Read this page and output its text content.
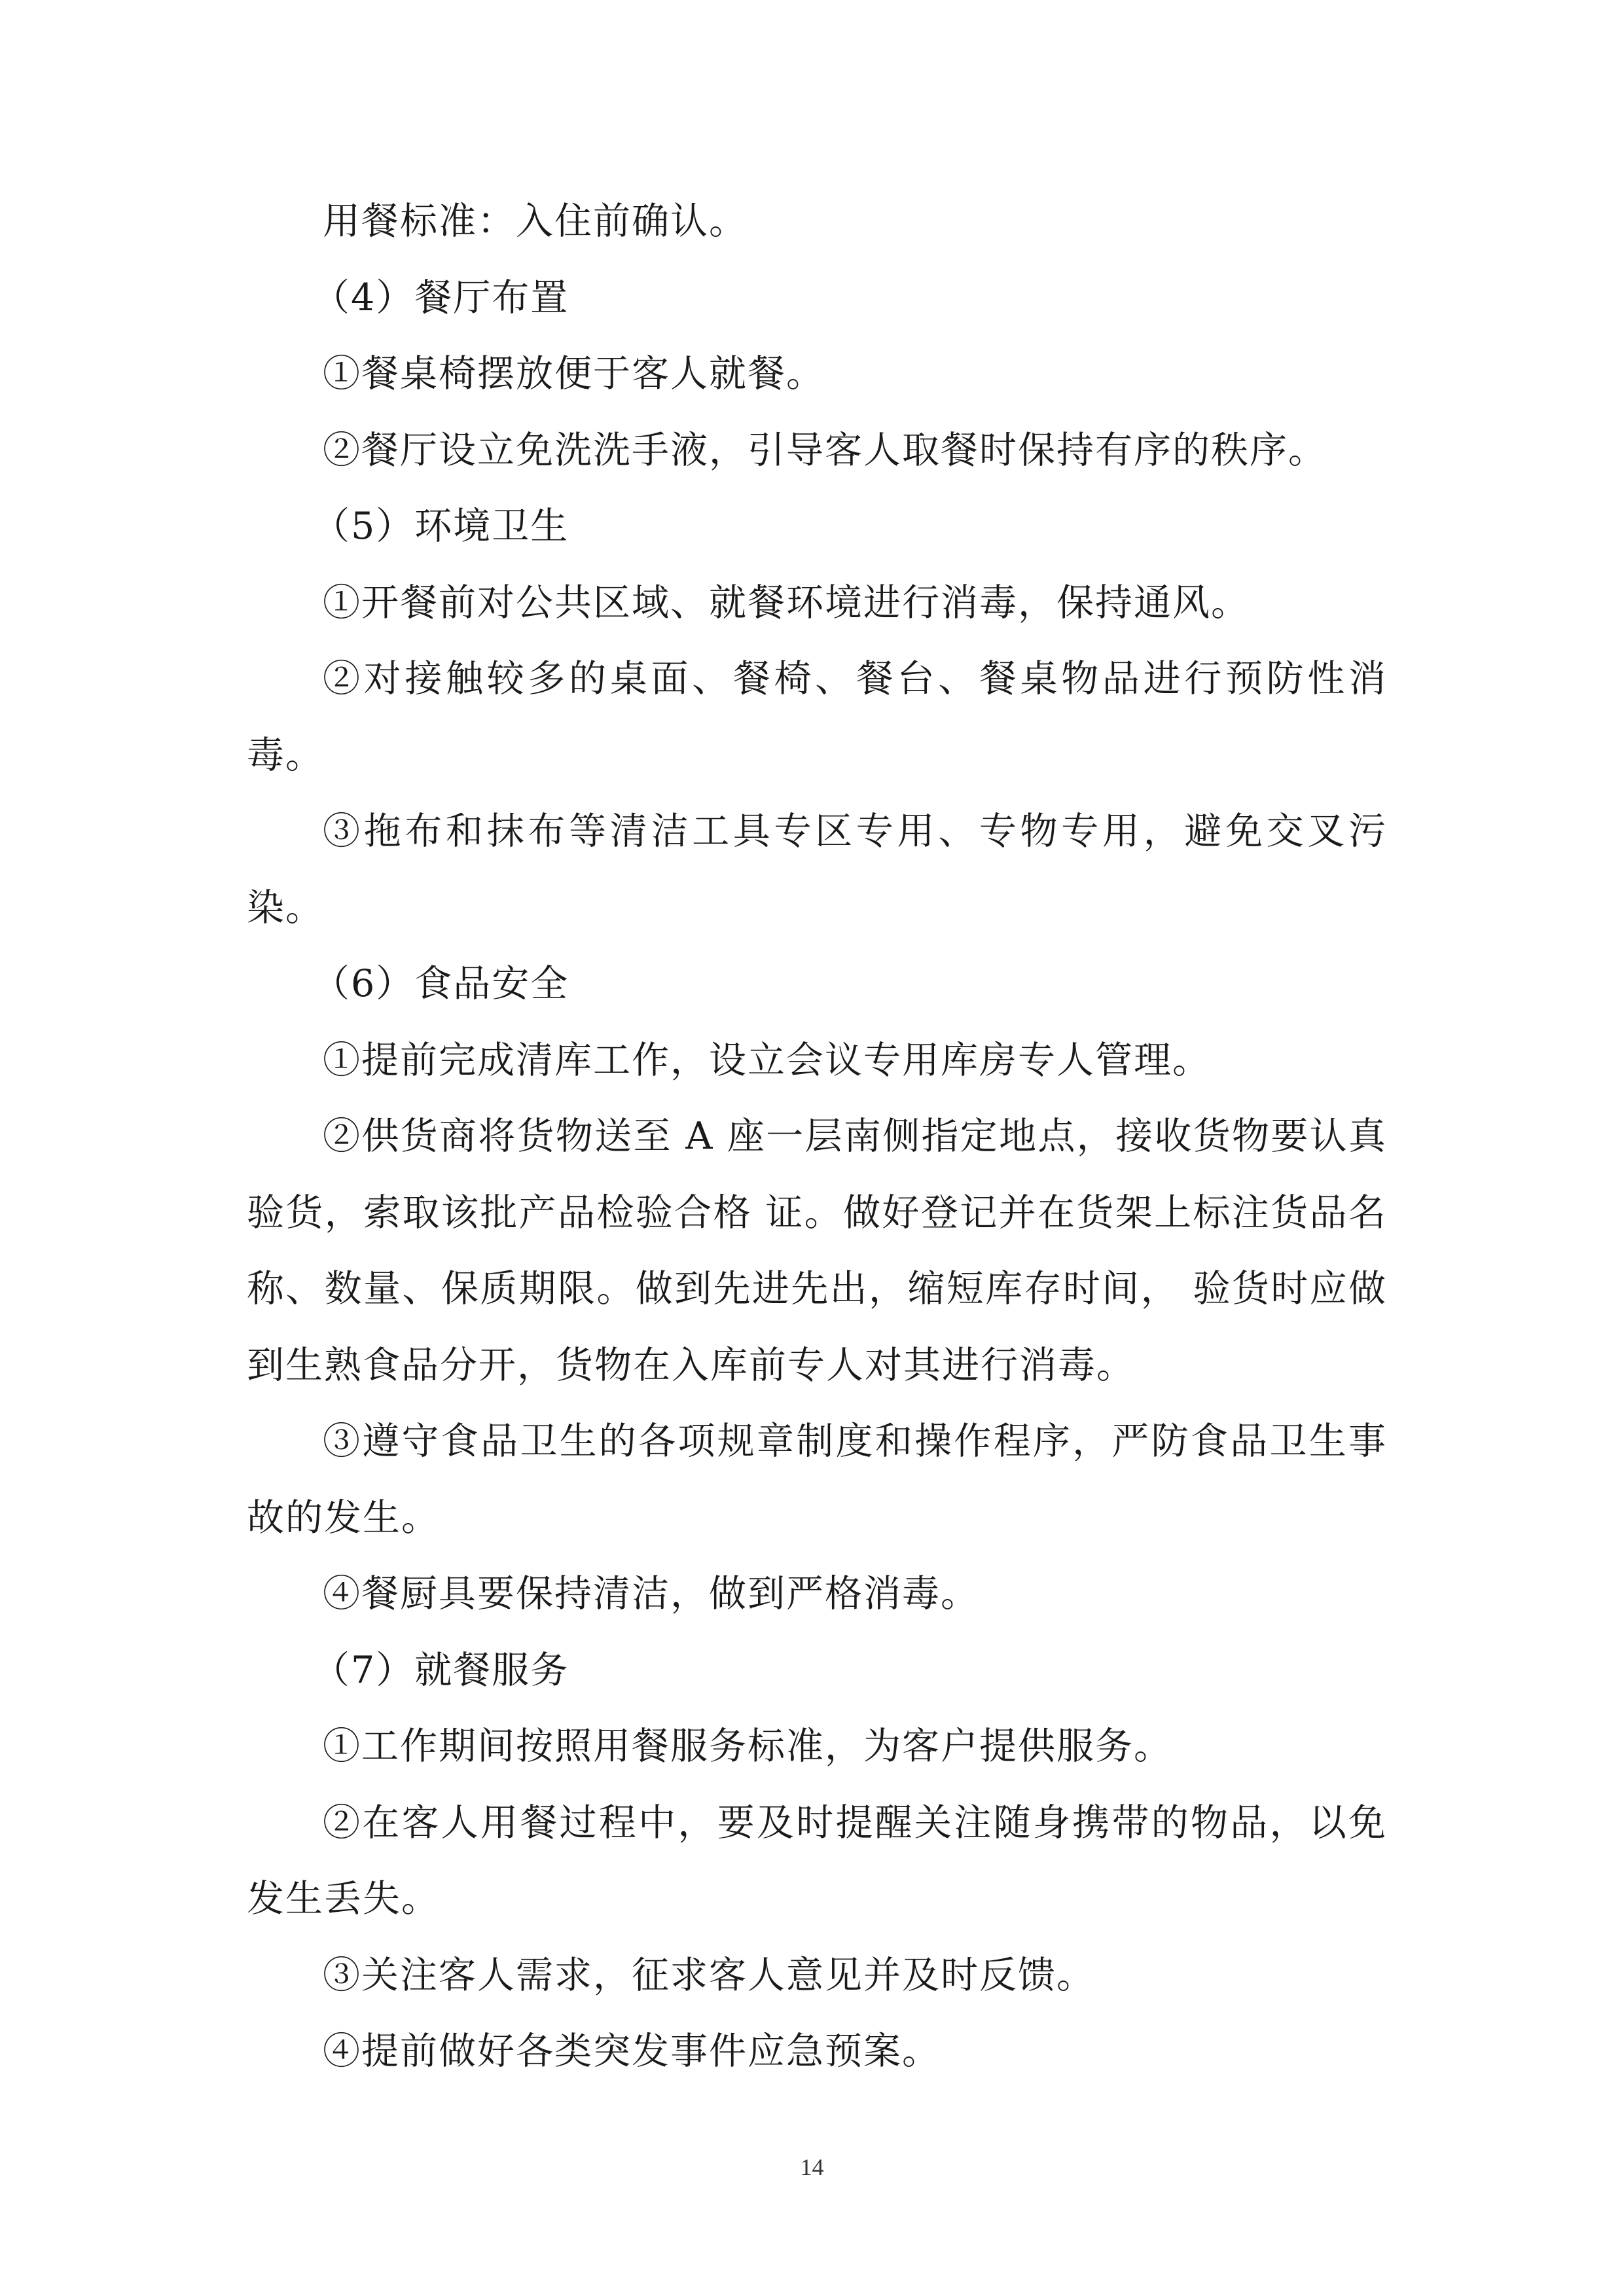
用餐标准：入住前确认。

（4）餐厅布置

①餐桌椅摆放便于客人就餐。

②餐厅设立免洗洗手液，引导客人取餐时保持有序的秩序。

（5）环境卫生

①开餐前对公共区域、就餐环境进行消毒，保持通风。

②对接触较多的桌面、餐椅、餐台、餐桌物品进行预防性消毒。

③拖布和抹布等清洁工具专区专用、专物专用，避免交叉污染。

（6）食品安全

①提前完成清库工作，设立会议专用库房专人管理。

②供货商将货物送至 A 座一层南侧指定地点，接收货物要认真验货，索取该批产品检验合格 证。做好登记并在货架上标注货品名称、数量、保质期限。做到先进先出，缩短库存时间， 验货时应做到生熟食品分开，货物在入库前专人对其进行消毒。

③遵守食品卫生的各项规章制度和操作程序，严防食品卫生事故的发生。

④餐厨具要保持清洁，做到严格消毒。

（7）就餐服务

①工作期间按照用餐服务标准，为客户提供服务。

②在客人用餐过程中，要及时提醒关注随身携带的物品，以免发生丢失。

③关注客人需求，征求客人意见并及时反馈。

④提前做好各类突发事件应急预案。

14
